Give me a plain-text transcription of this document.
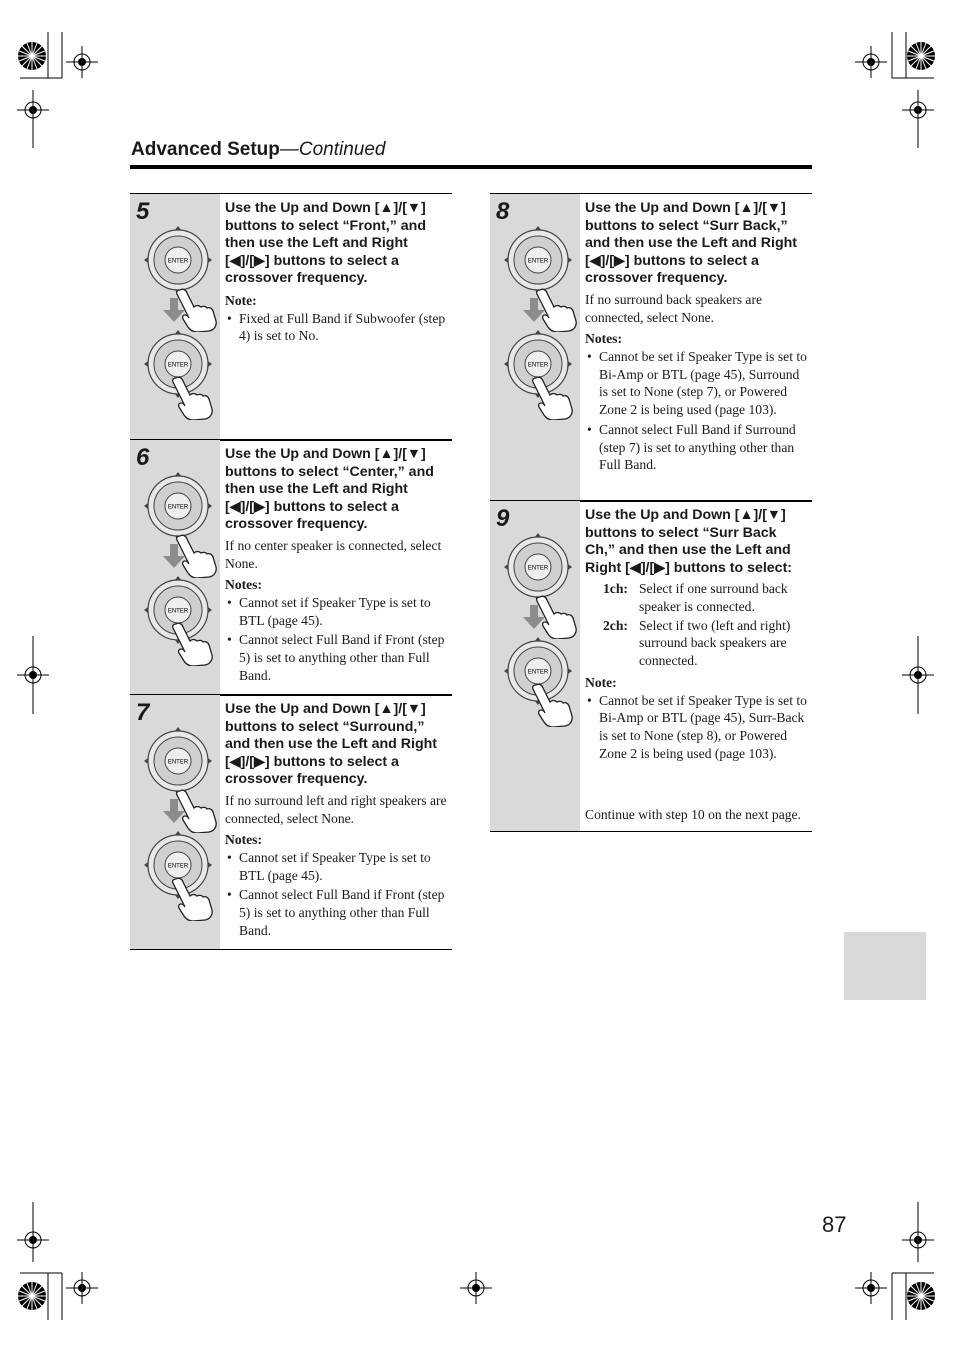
Advanced Setup—Continued
5
ENTER
ENTER
Use the Up and Down [▲]/[▼] buttons to select “Front,” and then use the Left and Right [◀]/[▶] buttons to select a crossover frequency.
Note:
• Fixed at Full Band if Subwoofer (step 4) is set to No.
6
ENTER
ENTER
Use the Up and Down [▲]/[▼] buttons to select “Center,” and then use the Left and Right [◀]/[▶] buttons to select a crossover frequency.
If no center speaker is connected, select None.
Notes:
• Cannot set if Speaker Type is set to BTL (page 45).
• Cannot select Full Band if Front (step 5) is set to anything other than Full Band.
7
ENTER
ENTER
Use the Up and Down [▲]/[▼] buttons to select “Surround,” and then use the Left and Right [◀]/[▶] buttons to select a crossover frequency.
If no surround left and right speakers are connected, select None.
Notes:
• Cannot set if Speaker Type is set to BTL (page 45).
• Cannot select Full Band if Front (step 5) is set to anything other than Full Band.
8
ENTER
ENTER
Use the Up and Down [▲]/[▼] buttons to select “Surr Back,” and then use the Left and Right [◀]/[▶] buttons to select a crossover frequency.
If no surround back speakers are connected, select None.
Notes:
• Cannot be set if Speaker Type is set to Bi-Amp or BTL (page 45), Surround is set to None (step 7), or Powered Zone 2 is being used (page 103).
• Cannot select Full Band if Surround (step 7) is set to anything other than Full Band.
9
ENTER
ENTER
Use the Up and Down [▲]/[▼] buttons to select “Surr Back Ch,” and then use the Left and Right [◀]/[▶] buttons to select:
1ch: Select if one surround back speaker is connected.
2ch: Select if two (left and right) surround back speakers are connected.
Note:
• Cannot be set if Speaker Type is set to Bi-Amp or BTL (page 45), Surr-Back is set to None (step 8), or Powered Zone 2 is being used (page 103).
Continue with step 10 on the next page.
87
